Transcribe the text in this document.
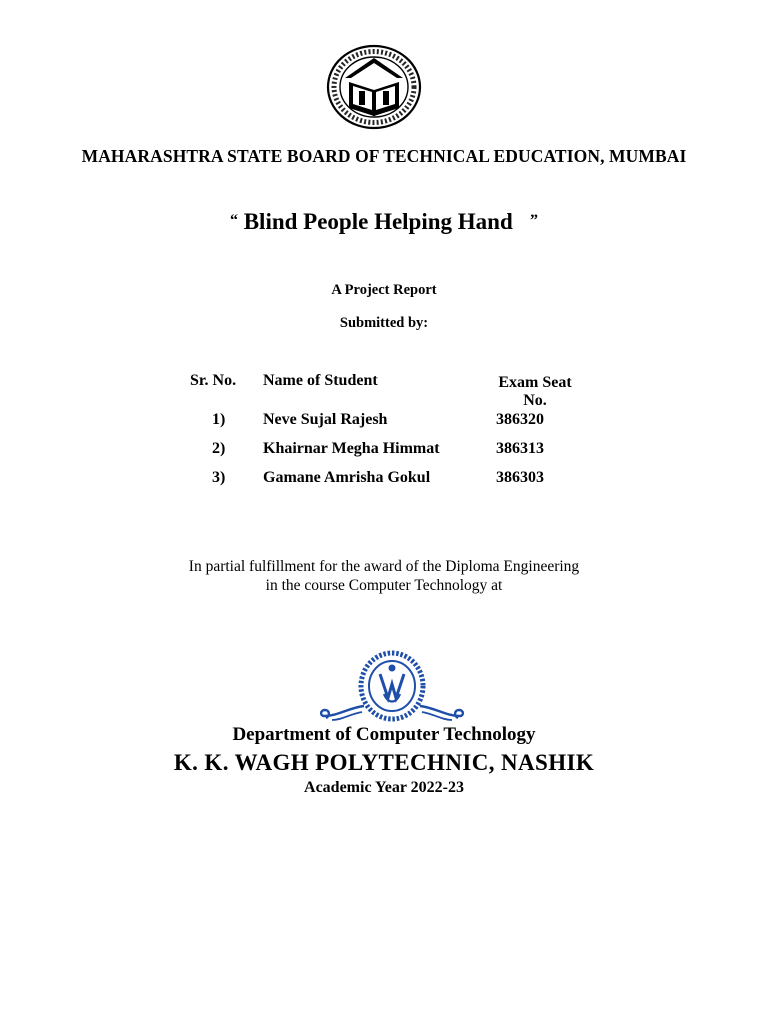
MAHARASHTRA STATE BOARD OF TECHNICAL EDUCATION, MUMBAI
“ Blind People Helping Hand ”
A Project Report
Submitted by:
Sr. No. Name of Student	Exam Seat
No.
1) Neve Sujal Rajesh	386320
2) Khairnar Megha Himmat	386313
3) Gamane Amrisha Gokul	386303
In partial fulfillment for the award of the Diploma Engineering
in the course Computer Technology at
Department of Computer Technology
K. K. WAGH POLYTECHNIC, NASHIK
Academic Year 2022-23
